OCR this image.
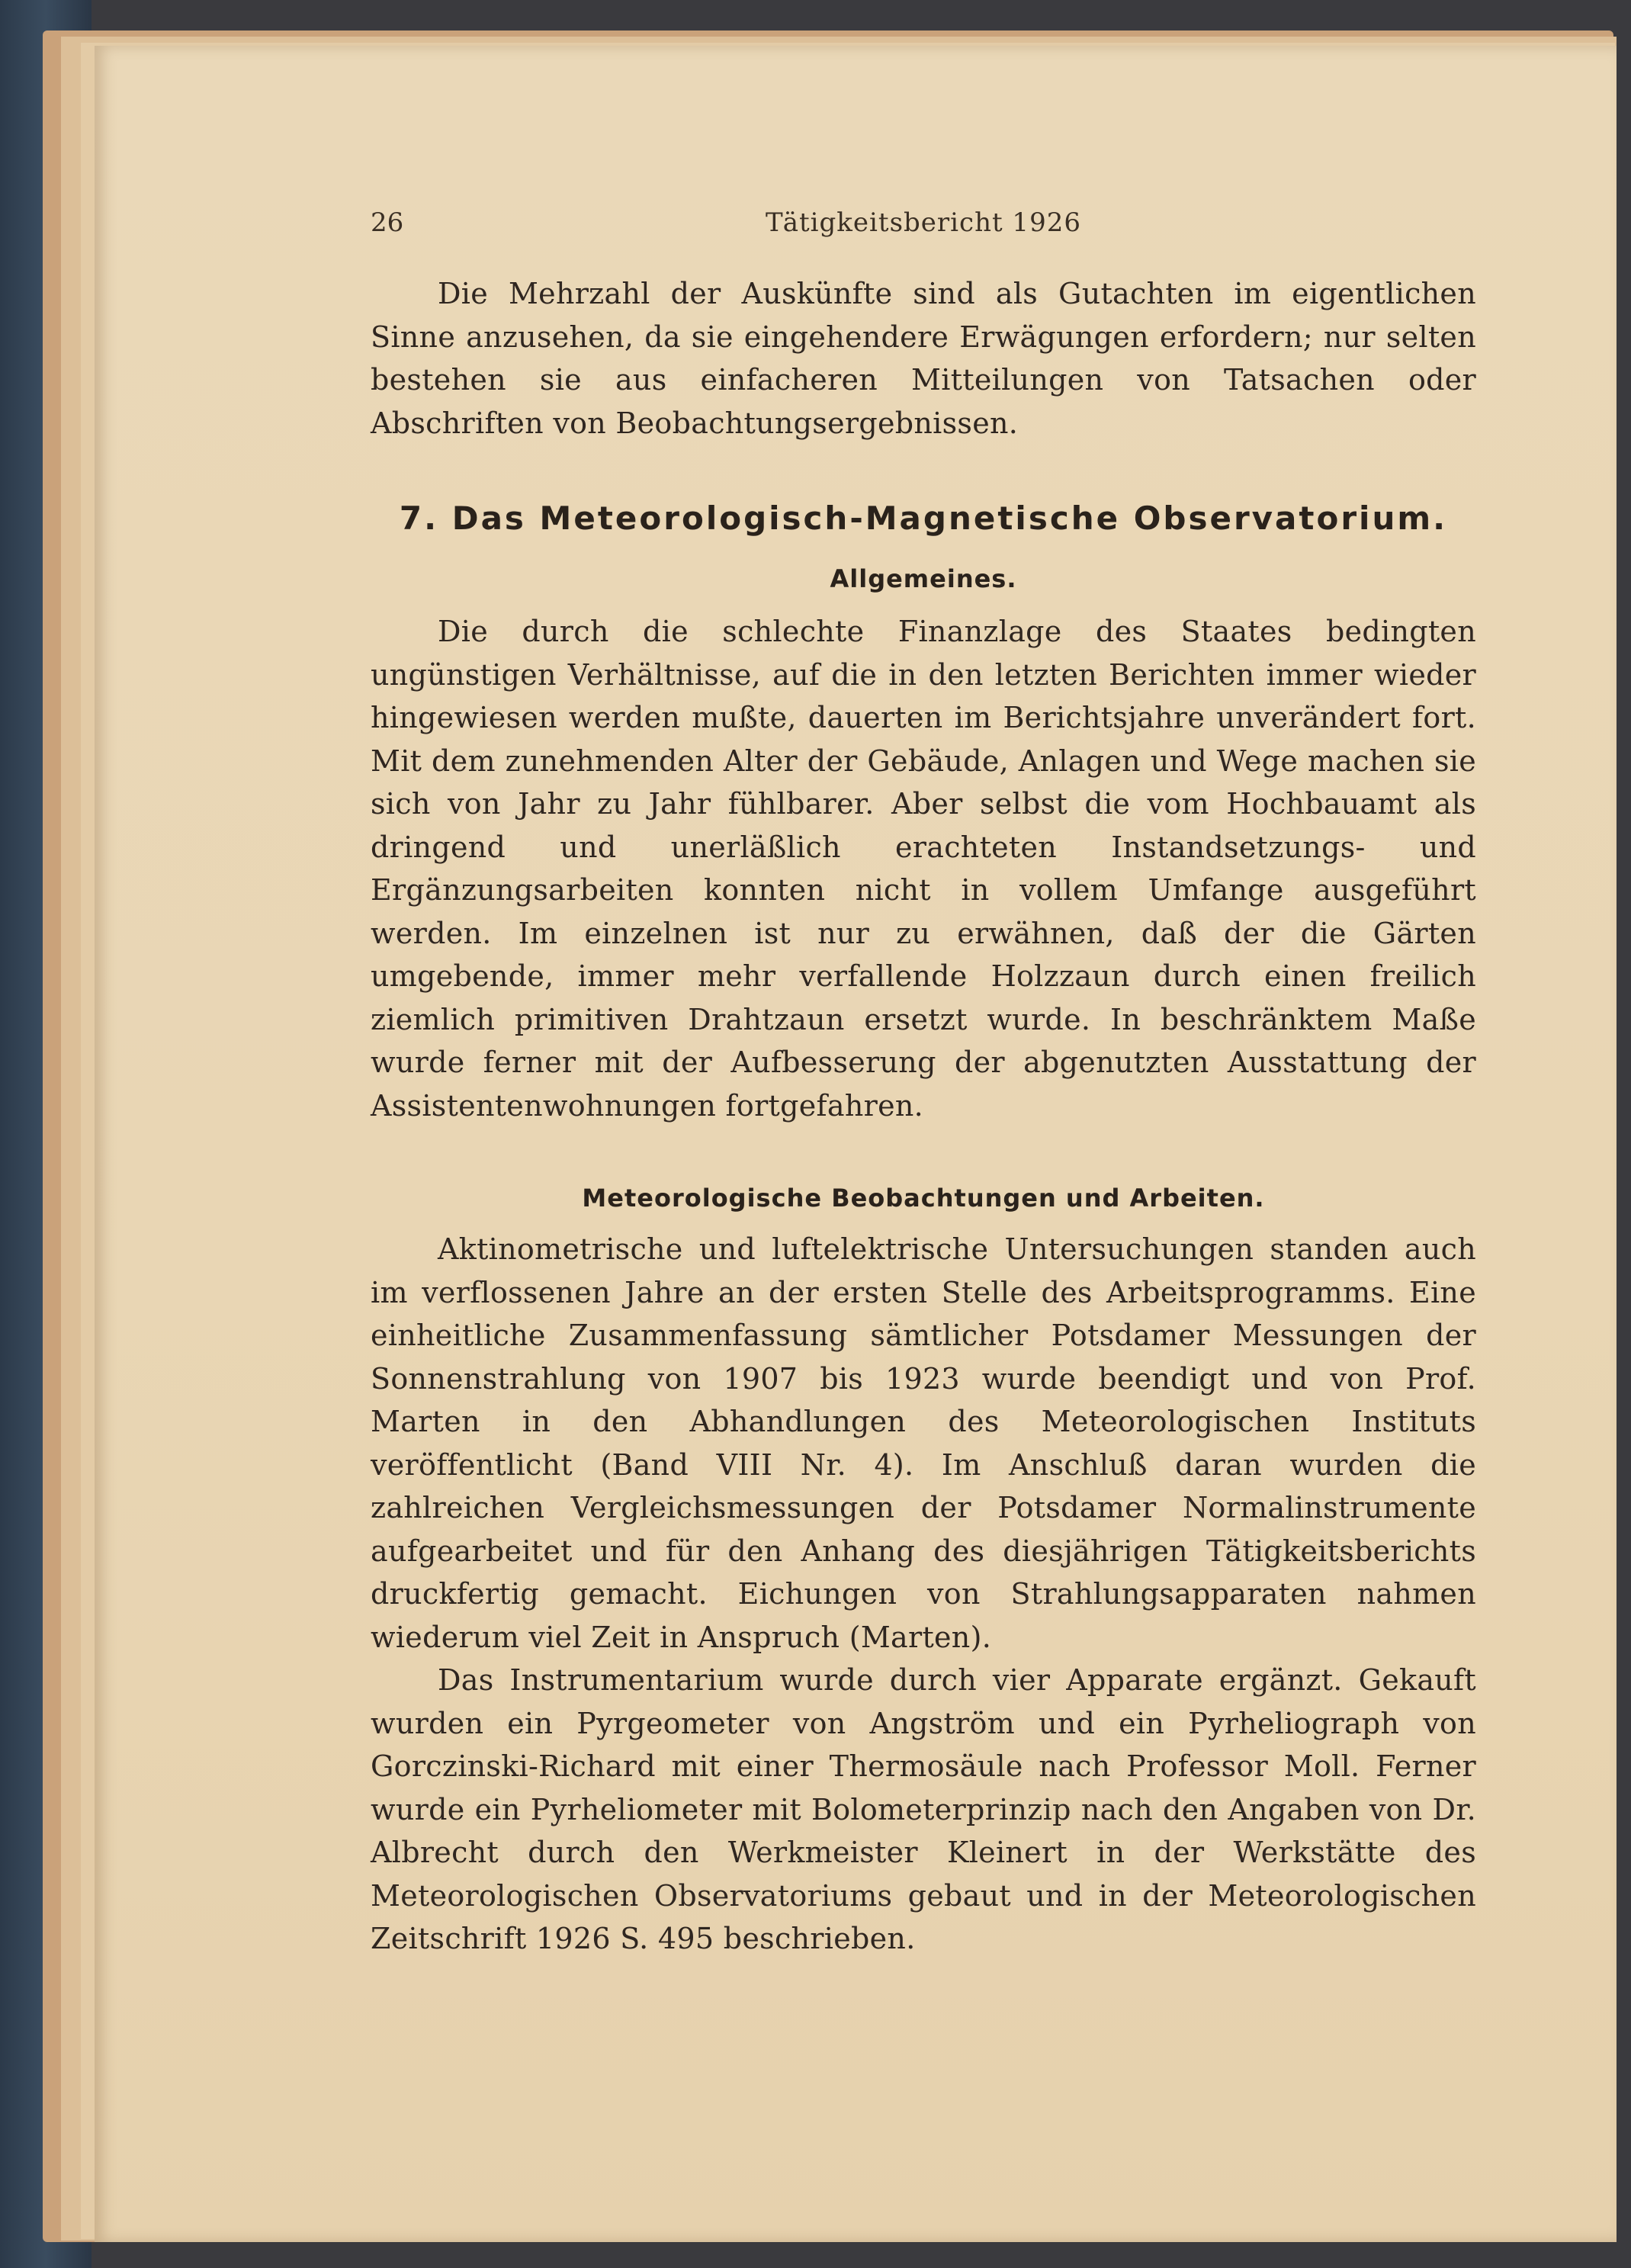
26	Tätigkeitsbericht 1926

Die Mehrzahl der Auskünfte sind als Gutachten im eigentlichen Sinne anzusehen, da sie eingehendere Erwägungen erfordern; nur selten bestehen sie aus einfacheren Mitteilungen von Tatsachen oder Abschriften von Beobachtungsergebnissen.

7. Das Meteorologisch-Magnetische Observatorium.
Allgemeines.

Die durch die schlechte Finanzlage des Staates bedingten ungünstigen Verhältnisse, auf die in den letzten Berichten immer wieder hingewiesen werden mußte, dauerten im Berichtsjahre unverändert fort. Mit dem zunehmenden Alter der Gebäude, Anlagen und Wege machen sie sich von Jahr zu Jahr fühlbarer. Aber selbst die vom Hochbauamt als dringend und unerläßlich erachteten Instandsetzungs- und Ergänzungsarbeiten konnten nicht in vollem Umfange ausgeführt werden. Im einzelnen ist nur zu erwähnen, daß der die Gärten umgebende, immer mehr verfallende Holzzaun durch einen freilich ziemlich primitiven Drahtzaun ersetzt wurde. In beschränktem Maße wurde ferner mit der Aufbesserung der abgenutzten Ausstattung der Assistentenwohnungen fortgefahren.

Meteorologische Beobachtungen und Arbeiten.

Aktinometrische und luftelektrische Untersuchungen standen auch im verflossenen Jahre an der ersten Stelle des Arbeitsprogramms. Eine einheitliche Zusammenfassung sämtlicher Potsdamer Messungen der Sonnenstrahlung von 1907 bis 1923 wurde beendigt und von Prof. Marten in den Abhandlungen des Meteorologischen Instituts veröffentlicht (Band VIII Nr. 4). Im Anschluß daran wurden die zahlreichen Vergleichsmessungen der Potsdamer Normalinstrumente aufgearbeitet und für den Anhang des diesjährigen Tätigkeitsberichts druckfertig gemacht. Eichungen von Strahlungsapparaten nahmen wiederum viel Zeit in Anspruch (Marten).

Das Instrumentarium wurde durch vier Apparate ergänzt. Gekauft wurden ein Pyrgeometer von Angström und ein Pyrheliograph von Gorczinski-Richard mit einer Thermosäule nach Professor Moll. Ferner wurde ein Pyrheliometer mit Bolometerprinzip nach den Angaben von Dr. Albrecht durch den Werkmeister Kleinert in der Werkstätte des Meteorologischen Observatoriums gebaut und in der Meteorologischen Zeitschrift 1926 S. 495 beschrieben.
